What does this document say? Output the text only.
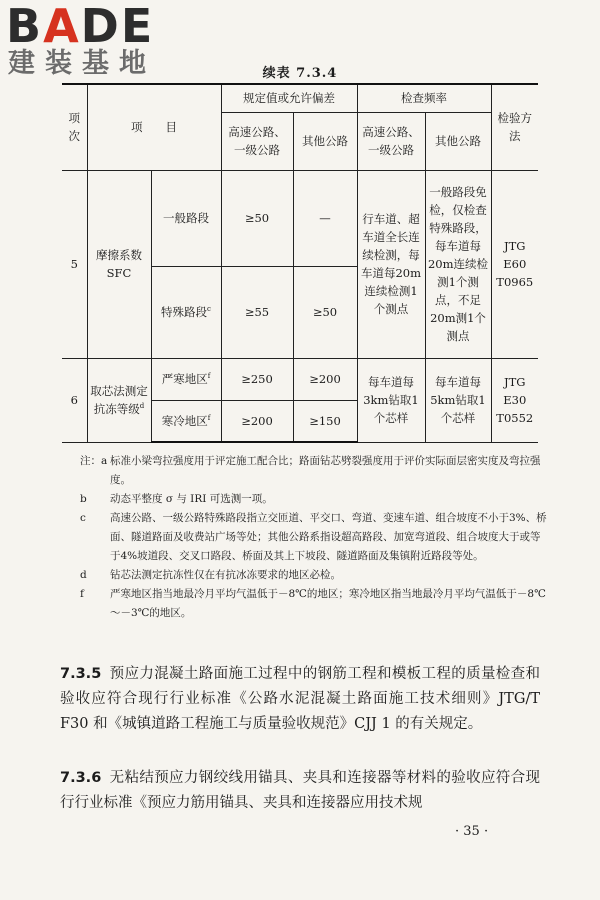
BADE
建装基地	续表 7.3.4
项次	项　　目		规定值或允许偏差		检查频率		检验方法
			高速公路、一级公路	其他公路	高速公路、一级公路	其他公路	
5	摩擦系数SFC	一般路段	≥50	—	行车道、超车道全长连续检测，每车道每20m连续检测1个测点	一般路段免检，仅检查特殊路段，每车道每20m连续检测1个测点，不足20m测1个测点	JTG E60 T0965
		特殊路段$^c$	≥55	≥50			
6	取芯法测定抗冻等级$^d$	严寒地区$^f$	≥250	≥200	每车道每3km钻取1个芯样	每车道每5km钻取1个芯样	JTG E30 T0552
		寒冷地区$^f$	≥200	≥150			
注：a 标准小梁弯拉强度用于评定施工配合比；路面钻芯劈裂强度用于评价实际面层密实度及弯拉强度。
b	动态平整度 σ 与 IRI 可选测一项。
c	高速公路、一级公路特殊路段指立交匝道、平交口、弯道、变速车道、组合坡度不小于3%、桥面、隧道路面及收费站广场等处；其他公路系指设超高路段、加宽弯道段、组合坡度大于或等于4%坡道段、交叉口路段、桥面及其上下坡段、隧道路面及集镇附近路段等处。
d	钻芯法测定抗冻性仅在有抗冰冻要求的地区必检。
f	严寒地区指当地最冷月平均气温低于－8℃的地区；寒冷地区指当地最冷月平均气温低于－8℃～－3℃的地区。
7.3.5 预应力混凝土路面施工过程中的钢筋工程和模板工程的质量检查和验收应符合现行行业标准《公路水泥混凝土路面施工技术细则》JTG/T F30 和《城镇道路工程施工与质量验收规范》CJJ 1 的有关规定。
7.3.6 无粘结预应力钢绞线用锚具、夹具和连接器等材料的验收应符合现行行业标准《预应力筋用锚具、夹具和连接器应用技术规
· 35 ·
